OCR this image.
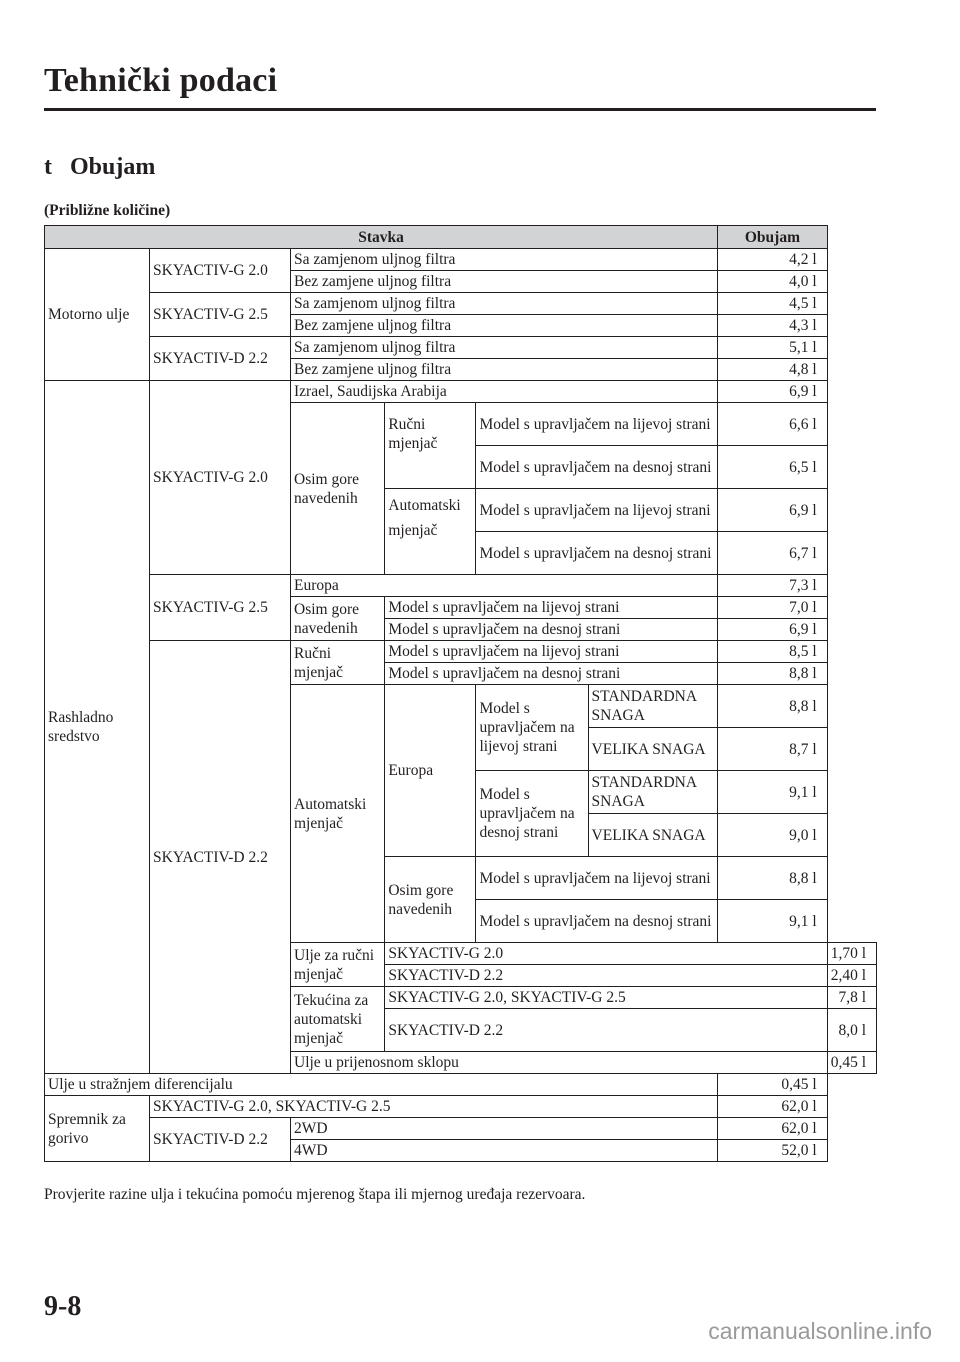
Tehnički podaci
t Obujam
(Približne količine)
Stavka						Obujam	
Motorno ulje	SKYACTIV-G 2.0	Sa zamjenom uljnog filtra				4,2 l	
		Bez zamjene uljnog filtra				4,0 l	
	SKYACTIV-G 2.5	Sa zamjenom uljnog filtra				4,5 l	
		Bez zamjene uljnog filtra				4,3 l	
	SKYACTIV-D 2.2	Sa zamjenom uljnog filtra				5,1 l	
		Bez zamjene uljnog filtra				4,8 l	
Rashladno sredstvo	SKYACTIV-G 2.0	Izrael, Saudijska Arabija				6,9 l	
		Osim gore navedenih	Ručni mjenjač	Model s upravljačem na lijevoj strani		6,6 l	
				Model s upravljačem na desnoj strani		6,5 l	
			Automatski mjenjač	Model s upravljačem na lijevoj strani		6,9 l	
				Model s upravljačem na desnoj strani		6,7 l	
	SKYACTIV-G 2.5	Europa				7,3 l	
		Osim gore navedenih	Model s upravljačem na lijevoj strani			7,0 l	
			Model s upravljačem na desnoj strani			6,9 l	
	SKYACTIV-D 2.2	Ručni mjenjač	Model s upravljačem na lijevoj strani			8,5 l	
			Model s upravljačem na desnoj strani			8,8 l	
		Automatski mjenjač	Europa	Model s upravljačem na lijevoj strani	STANDARDNA SNAGA	8,8 l	
					VELIKA SNAGA	8,7 l	
				Model s upravljačem na desnoj strani	STANDARDNA SNAGA	9,1 l	
					VELIKA SNAGA	9,0 l	
			Osim gore navedenih	Model s upravljačem na lijevoj strani		8,8 l	
				Model s upravljačem na desnoj strani		9,1 l	
		Ulje za ručni mjenjač	SKYACTIV-G 2.0				1,70 l
			SKYACTIV-D 2.2				2,40 l
		Tekućina za automatski mjenjač	SKYACTIV-G 2.0, SKYACTIV-G 2.5				7,8 l
			SKYACTIV-D 2.2				8,0 l
		Ulje u prijenosnom sklopu					0,45 l
Ulje u stražnjem diferencijalu						0,45 l	
Spremnik za gorivo	SKYACTIV-G 2.0, SKYACTIV-G 2.5					62,0 l	
	SKYACTIV-D 2.2	2WD				62,0 l	
		4WD				52,0 l	
Provjerite razine ulja i tekućina pomoću mjerenog štapa ili mjernog uređaja rezervoara.
9-8
carmanualsonline.info
